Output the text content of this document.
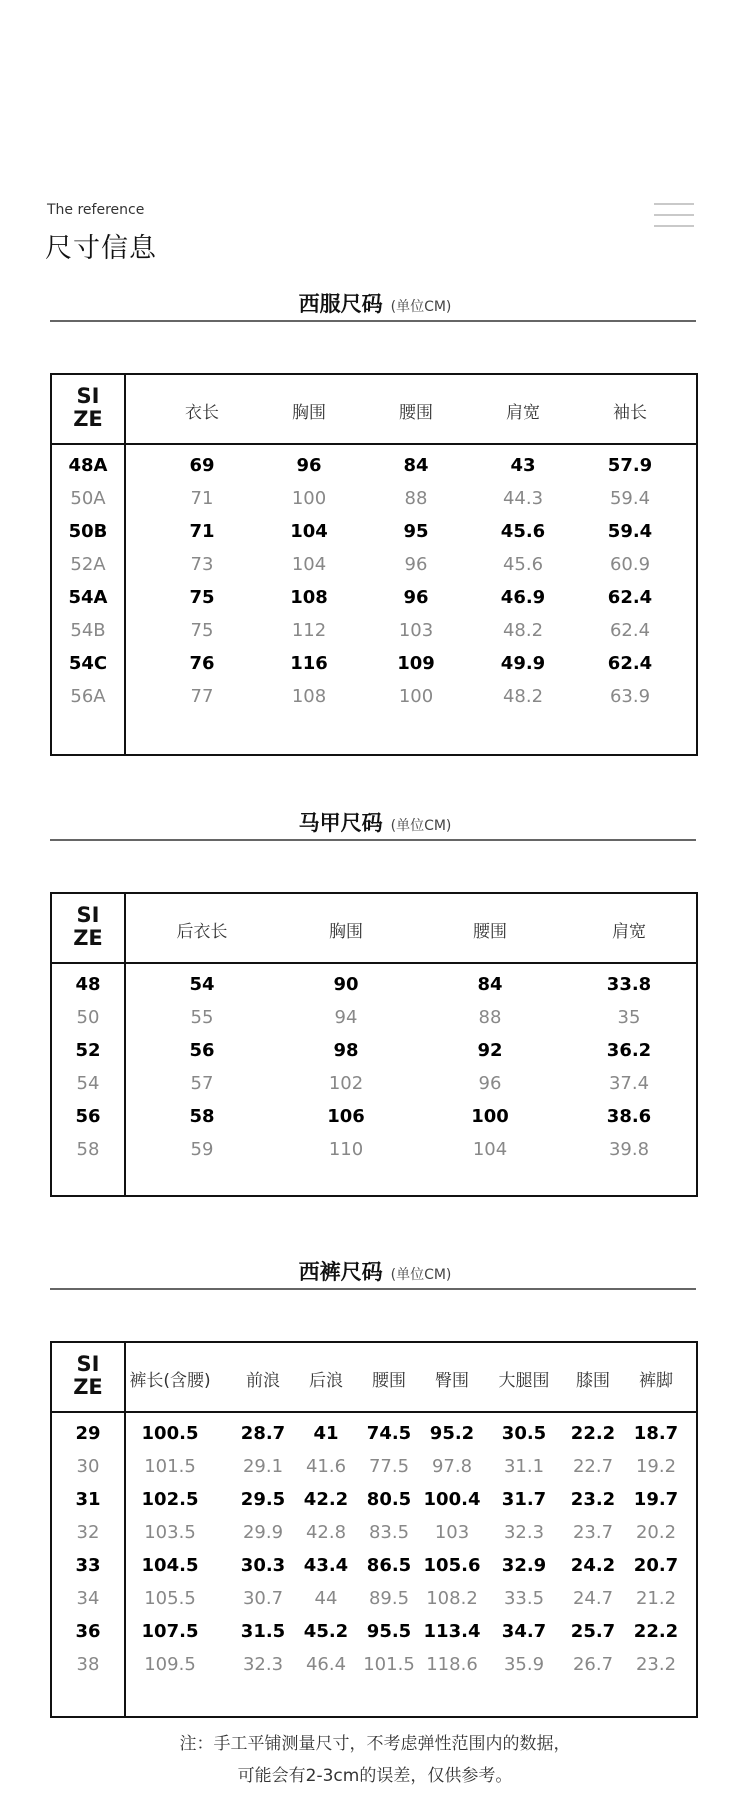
The reference
尺寸信息
西服尺码 (单位CM)
SI
ZE	衣长	胸围	腰围	肩宽	袖长
48A	69	96	84	43	57.9
50A	71	100	88	44.3	59.4
50B	71	104	95	45.6	59.4
52A	73	104	96	45.6	60.9
54A	75	108	96	46.9	62.4
54B	75	112	103	48.2	62.4
54C	76	116	109	49.9	62.4
56A	77	108	100	48.2	63.9
马甲尺码 (单位CM)
SI
ZE	后衣长	胸围	腰围	肩宽
48	54	90	84	33.8
50	55	94	88	35
52	56	98	92	36.2
54	57	102	96	37.4
56	58	106	100	38.6
58	59	110	104	39.8
西裤尺码 (单位CM)
SI
ZE	裤长(含腰) 前浪 后浪 腰围 臀围 大腿围 膝围 裤脚
29 100.5 28.7 41 74.5 95.2 30.5 22.2 18.7
30 101.5	29.1 41.6 77.5 97.8 31.1 22.7 19.2
31 102.5 29.5 42.2 80.5 100.4 31.7 23.2 19.7
32 103.5	29.9 42.8 83.5 103 32.3 23.7 20.2
33 104.5 30.3 43.4 86.5 105.6 32.9 24.2 20.7
34 105.5	30.7 44 89.5 108.2 33.5 24.7 21.2
36 107.5 31.5 45.2 95.5 113.4 34.7 25.7 22.2
38 109.5	32.3 46.4 101.5 118.6 35.9 26.7 23.2
注：手工平铺测量尺寸，不考虑弹性范围内的数据，
可能会有2-3cm的误差，仅供参考。
